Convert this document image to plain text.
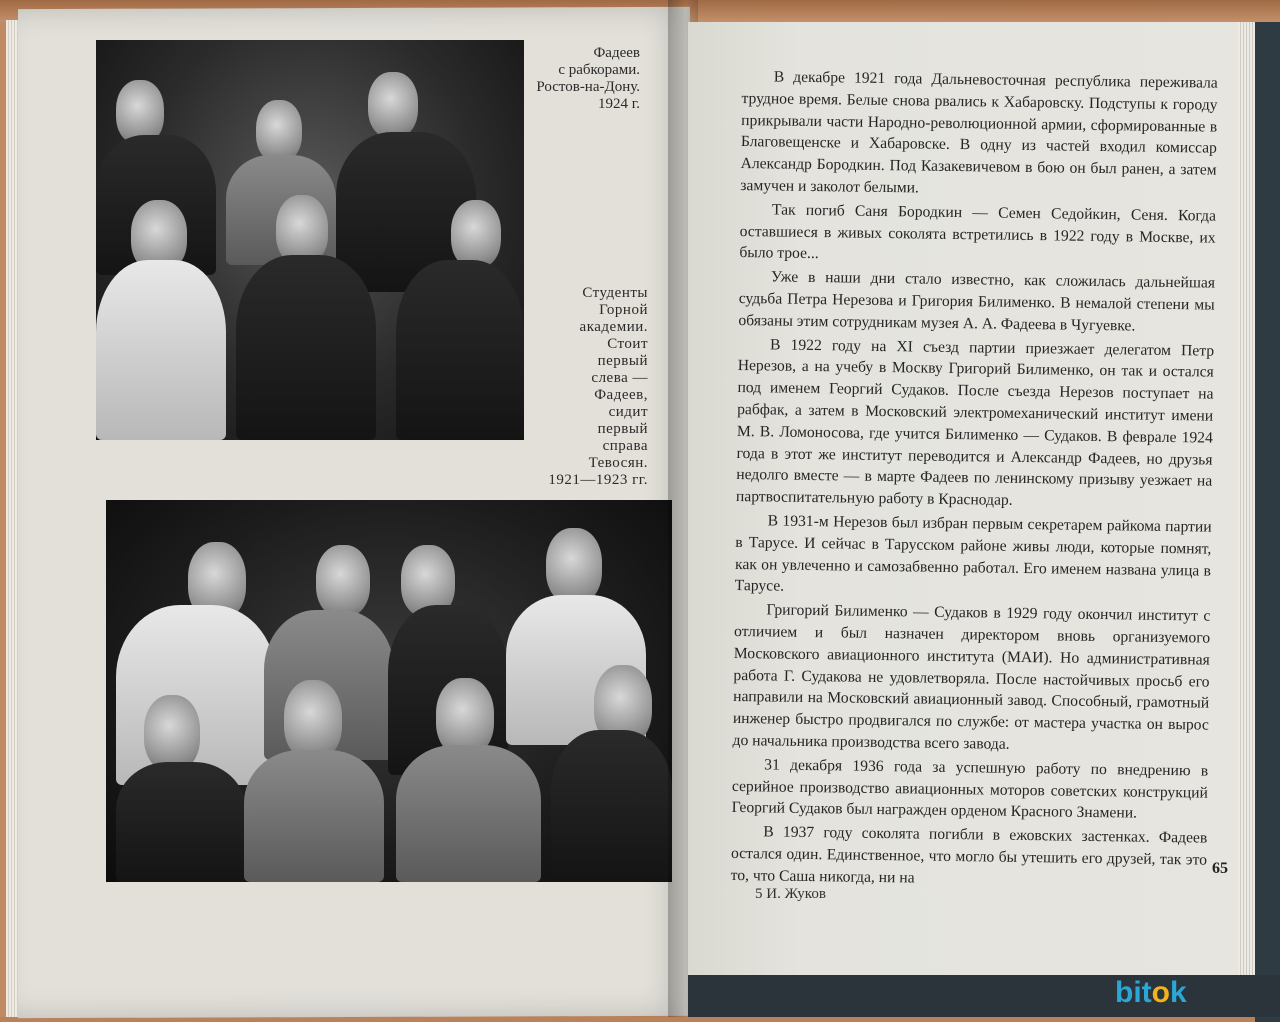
Фадеев
с рабкорами.
Ростов-на-Дону.
1924 г.
Студенты
Горной
академии.
Стоит
первый
слева —
Фадеев,
сидит
первый
справа
Тевосян.
1921—1923 гг.

В декабре 1921 года Дальневосточная республика переживала трудное время. Белые снова рвались к Хабаровску. Подступы к городу прикрывали части Народно-революционной армии, сформированные в Благовещенске и Хабаровске. В одну из частей входил комиссар Александр Бородкин. Под Казакевичевом в бою он был ранен, а затем замучен и заколот белыми.

Так погиб Саня Бородкин — Семен Седойкин, Сеня. Когда оставшиеся в живых соколята встретились в 1922 году в Москве, их было трое...

Уже в наши дни стало известно, как сложилась дальнейшая судьба Петра Нерезова и Григория Билименко. В немалой степени мы обязаны этим сотрудникам музея А. А. Фадеева в Чугуевке.

В 1922 году на XI съезд партии приезжает делегатом Петр Нерезов, а на учебу в Москву Григорий Билименко, он так и остался под именем Георгий Судаков. После съезда Нерезов поступает на рабфак, а затем в Московский электромеханический институт имени М. В. Ломоносова, где учится Билименко — Судаков. В феврале 1924 года в этот же институт переводится и Александр Фадеев, но друзья недолго вместе — в марте Фадеев по ленинскому призыву уезжает на партвоспитательную работу в Краснодар.

В 1931-м Нерезов был избран первым секретарем райкома партии в Тарусе. И сейчас в Тарусском районе живы люди, которые помнят, как он увлеченно и самозабвенно работал. Его именем названа улица в Тарусе.

Григорий Билименко — Судаков в 1929 году окончил институт с отличием и был назначен директором вновь организуемого Московского авиационного института (МАИ). Но административная работа Г. Судакова не удовлетворяла. После настойчивых просьб его направили на Московский авиационный завод. Способный, грамотный инженер быстро продвигался по службе: от мастера участка он вырос до начальника производства всего завода.

31 декабря 1936 года за успешную работу по внедрению в серийное производство авиационных моторов советских конструкций Георгий Судаков был награжден орденом Красного Знамени.

В 1937 году соколята погибли в ежовских застенках. Фадеев остался один. Единственное, что могло бы утешить его друзей, так это то, что Саша никогда, ни на

5 И. Жуков
65
bitok
